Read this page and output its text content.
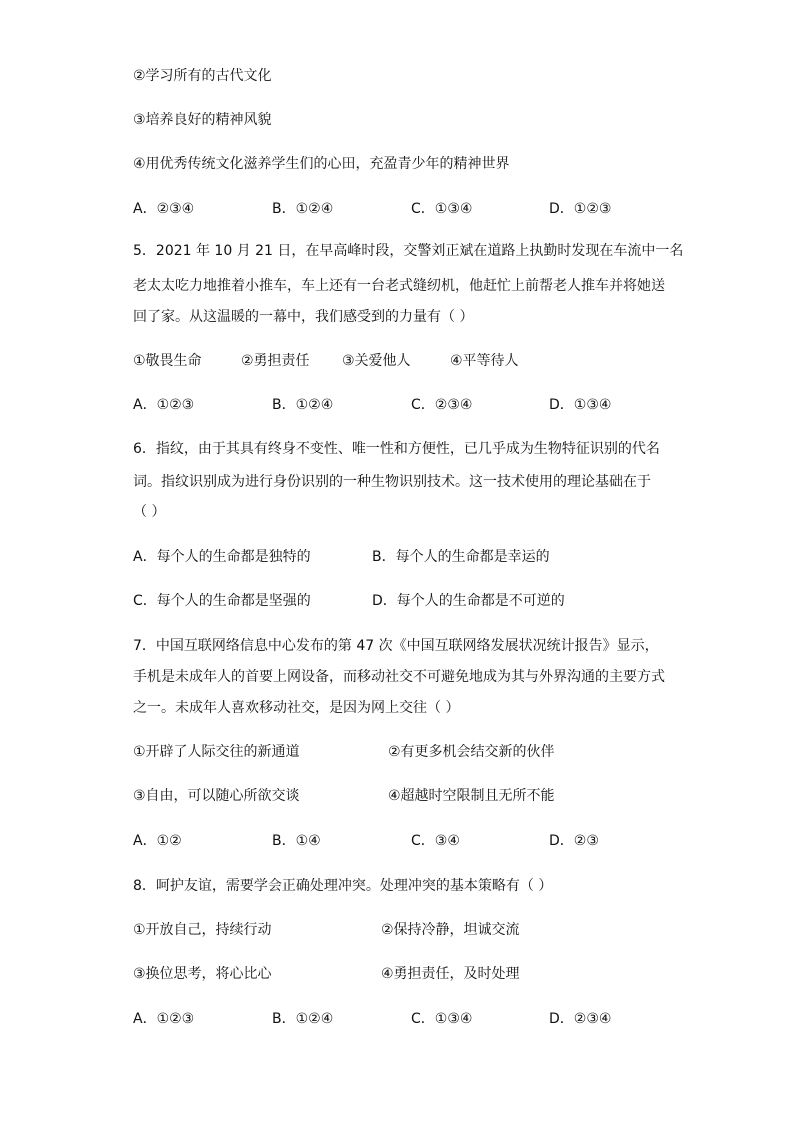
②学习所有的古代文化
③培养良好的精神风貌
④用优秀传统文化滋养学生们的心田，充盈青少年的精神世界
A．②③④	B．①②④	C．①③④	D．①②③
5．2021 年 10 月 21 日，在早高峰时段，交警刘正斌在道路上执勤时发现在车流中一名
老太太吃力地推着小推车，车上还有一台老式缝纫机，他赶忙上前帮老人推车并将她送
回了家。从这温暖的一幕中，我们感受到的力量有（ ）
①敬畏生命	②勇担责任 ③关爱他人	④平等待人
A．①②③	B．①②④	C．②③④	D．①③④
6．指纹，由于其具有终身不变性、唯一性和方便性，已几乎成为生物特征识别的代名
词。指纹识别成为进行身份识别的一种生物识别技术。这一技术使用的理论基础在于
（ ）
A．每个人的生命都是独特的	B．每个人的生命都是幸运的
C．每个人的生命都是坚强的	D．每个人的生命都是不可逆的
7．中国互联网络信息中心发布的第 47 次《中国互联网络发展状况统计报告》显示，
手机是未成年人的首要上网设备，而移动社交不可避免地成为其与外界沟通的主要方式
之一。未成年人喜欢移动社交，是因为网上交往（ ）
①开辟了人际交往的新通道	②有更多机会结交新的伙伴
③自由，可以随心所欲交谈	④超越时空限制且无所不能
A．①②	B．①④	C．③④	D．②③
8．呵护友谊，需要学会正确处理冲突。处理冲突的基本策略有（ ）
①开放自己，持续行动	②保持冷静，坦诚交流
③换位思考，将心比心	④勇担责任，及时处理
A．①②③	B．①②④	C．①③④	D．②③④
